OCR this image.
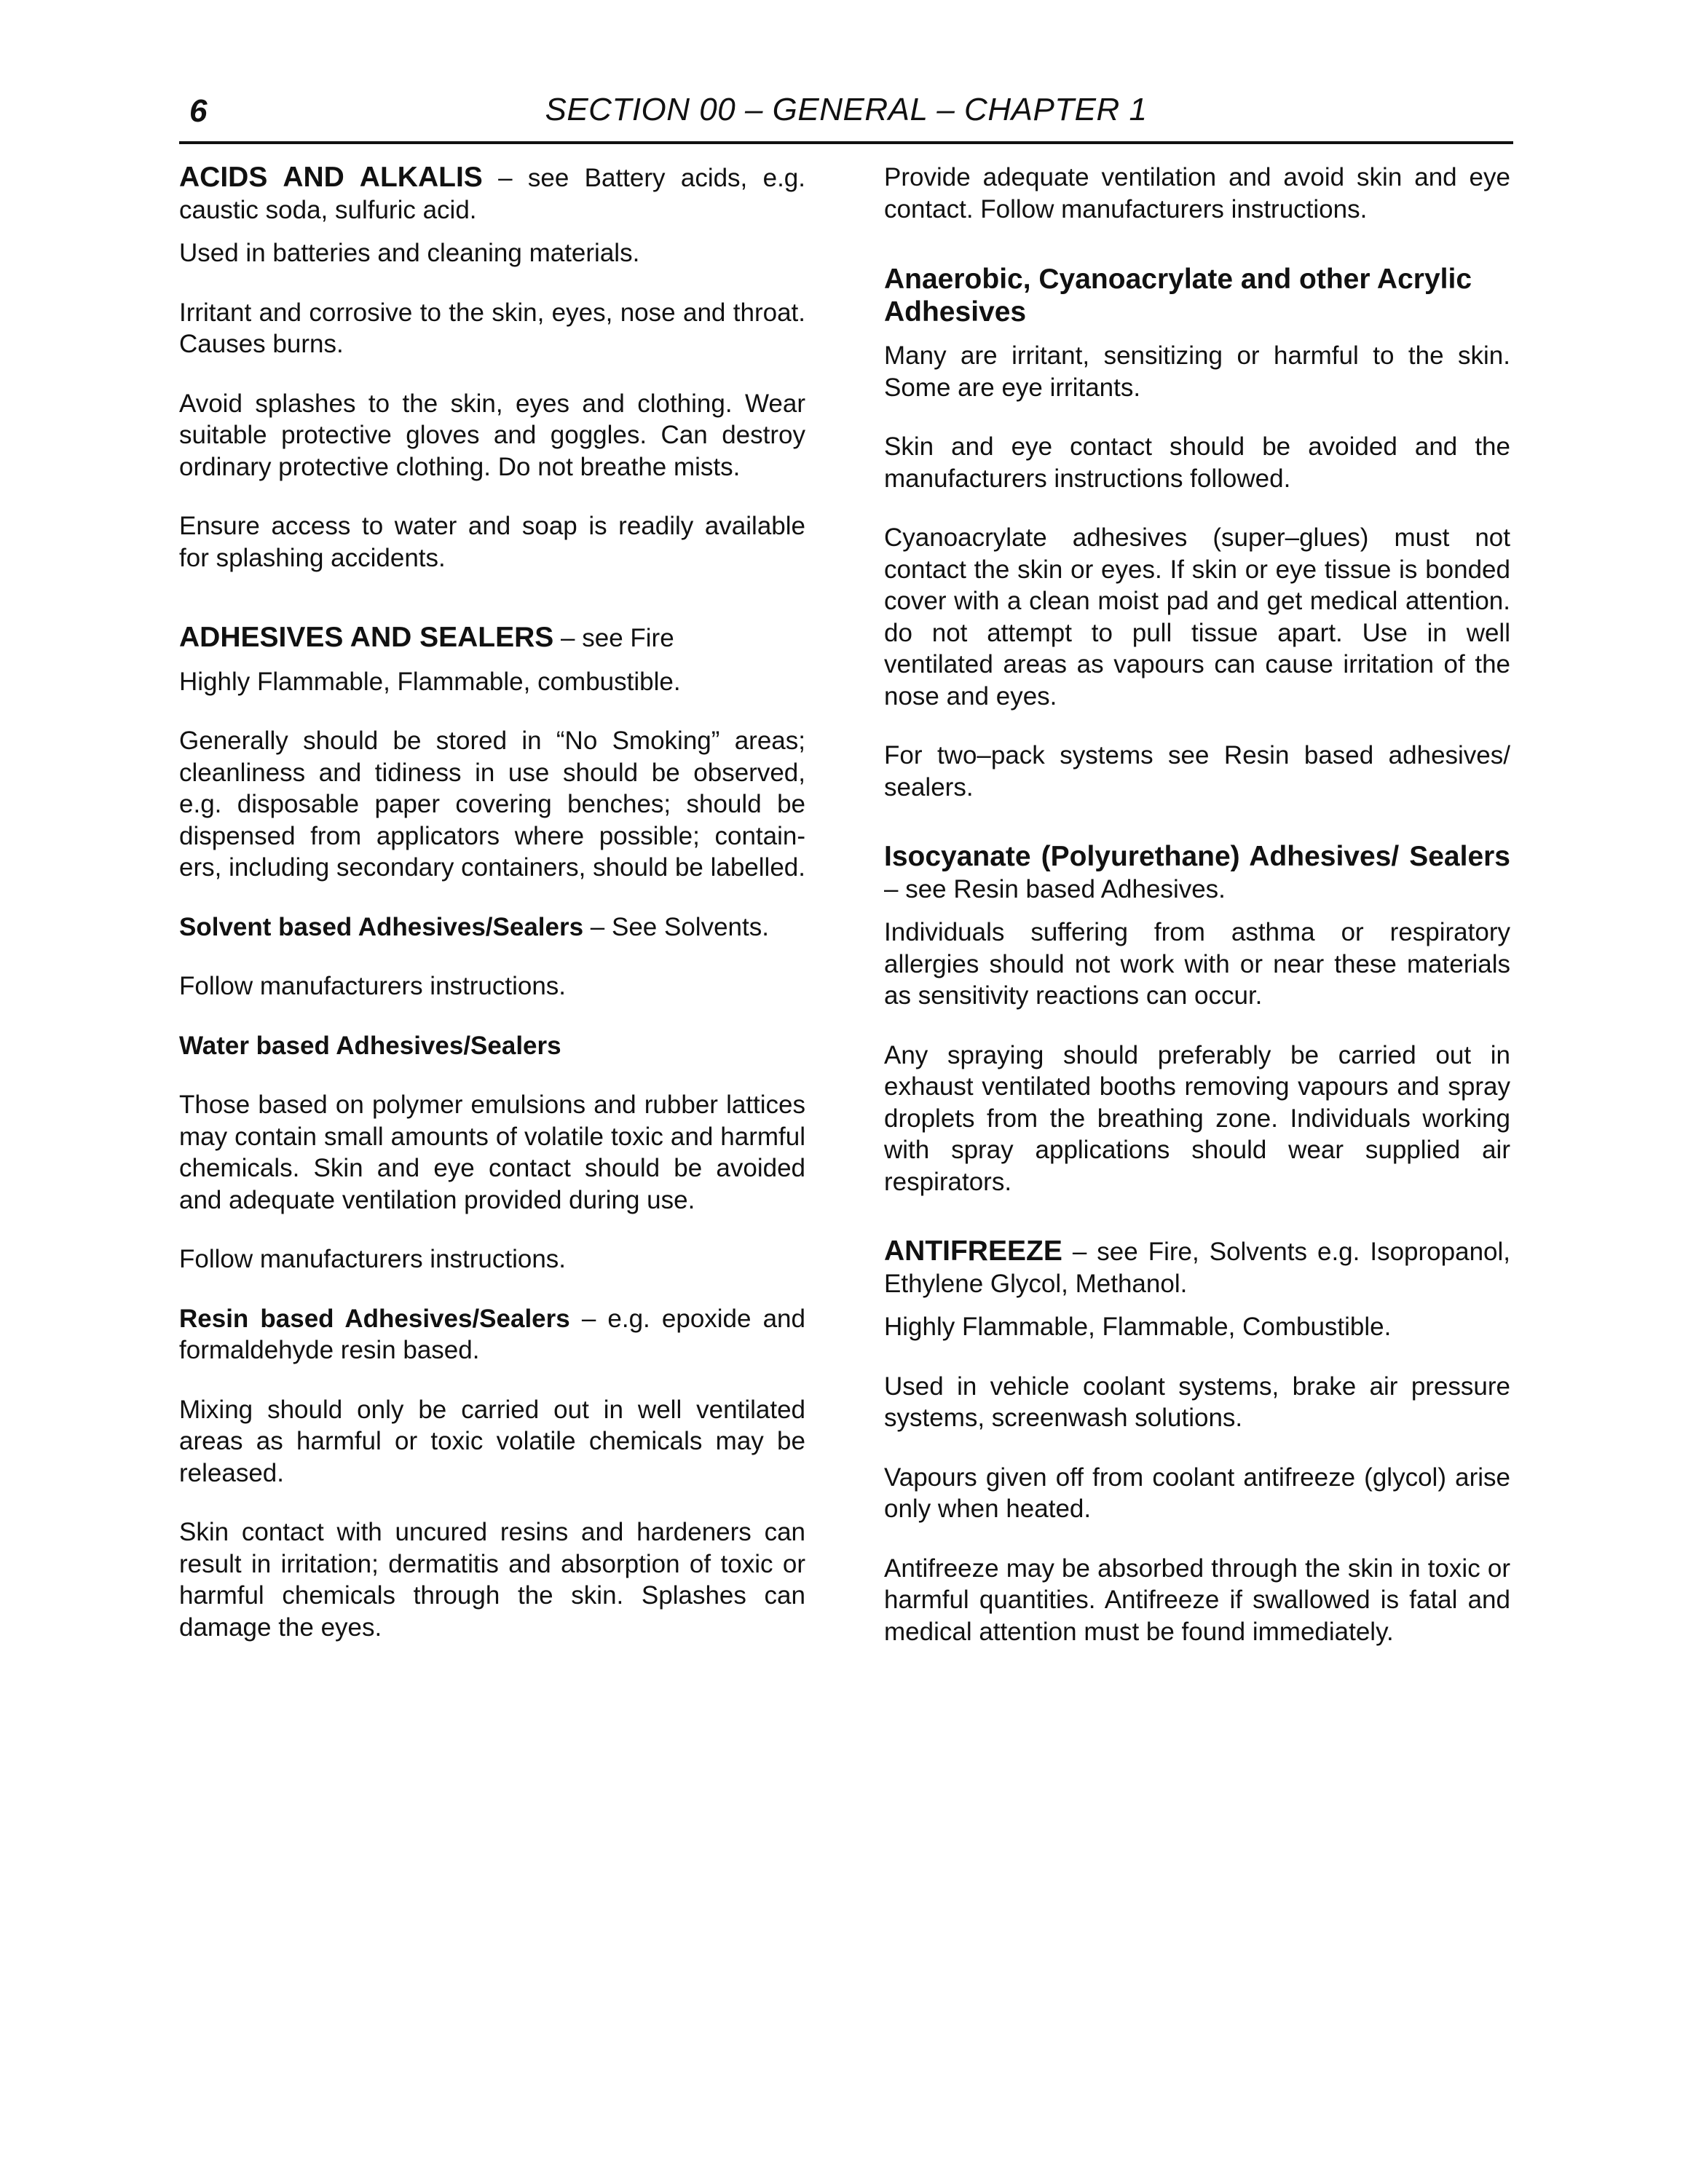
6	SECTION 00 – GENERAL – CHAPTER 1

ACIDS AND ALKALIS – see Battery acids, e.g. caustic soda, sulfuric acid.

Used in batteries and cleaning materials.

Irritant and corrosive to the skin, eyes, nose and throat. Causes burns.

Avoid splashes to the skin, eyes and clothing. Wear suitable protective gloves and goggles. Can destroy ordinary protective clothing. Do not breathe mists.

Ensure access to water and soap is readily available for splashing accidents.

ADHESIVES AND SEALERS – see Fire

Highly Flammable, Flammable, combustible.

Generally should be stored in “No Smoking” areas; cleanliness and tidiness in use should be observed, e.g. disposable paper covering benches; should be dispensed from applicators where possible; contain-ers, including secondary containers, should be labelled.

Solvent based Adhesives/Sealers – See Solvents.

Follow manufacturers instructions.

Water based Adhesives/Sealers

Those based on polymer emulsions and rubber lattices may contain small amounts of volatile toxic and harmful chemicals. Skin and eye contact should be avoided and adequate ventilation provided during use.

Follow manufacturers instructions.

Resin based Adhesives/Sealers – e.g. epoxide and formaldehyde resin based.

Mixing should only be carried out in well ventilated areas as harmful or toxic volatile chemicals may be released.

Skin contact with uncured resins and hardeners can result in irritation; dermatitis and absorption of toxic or harmful chemicals through the skin. Splashes can damage the eyes.

Provide adequate ventilation and avoid skin and eye contact. Follow manufacturers instructions.

Anaerobic, Cyanoacrylate and other Acrylic Adhesives

Many are irritant, sensitizing or harmful to the skin. Some are eye irritants.

Skin and eye contact should be avoided and the manufacturers instructions followed.

Cyanoacrylate adhesives (super–glues) must not contact the skin or eyes. If skin or eye tissue is bonded cover with a clean moist pad and get medical attention. do not attempt to pull tissue apart. Use in well ventilated areas as vapours can cause irritation of the nose and eyes.

For two–pack systems see Resin based adhesives/ sealers.

Isocyanate (Polyurethane) Adhesives/ Sealers – see Resin based Adhesives.

Individuals suffering from asthma or respiratory allergies should not work with or near these materials as sensitivity reactions can occur.

Any spraying should preferably be carried out in exhaust ventilated booths removing vapours and spray droplets from the breathing zone. Individuals working with spray applications should wear supplied air respirators.

ANTIFREEZE – see Fire, Solvents e.g. Isopropanol, Ethylene Glycol, Methanol.

Highly Flammable, Flammable, Combustible.

Used in vehicle coolant systems, brake air pressure systems, screenwash solutions.

Vapours given off from coolant antifreeze (glycol) arise only when heated.

Antifreeze may be absorbed through the skin in toxic or harmful quantities. Antifreeze if swallowed is fatal and medical attention must be found immediately.
